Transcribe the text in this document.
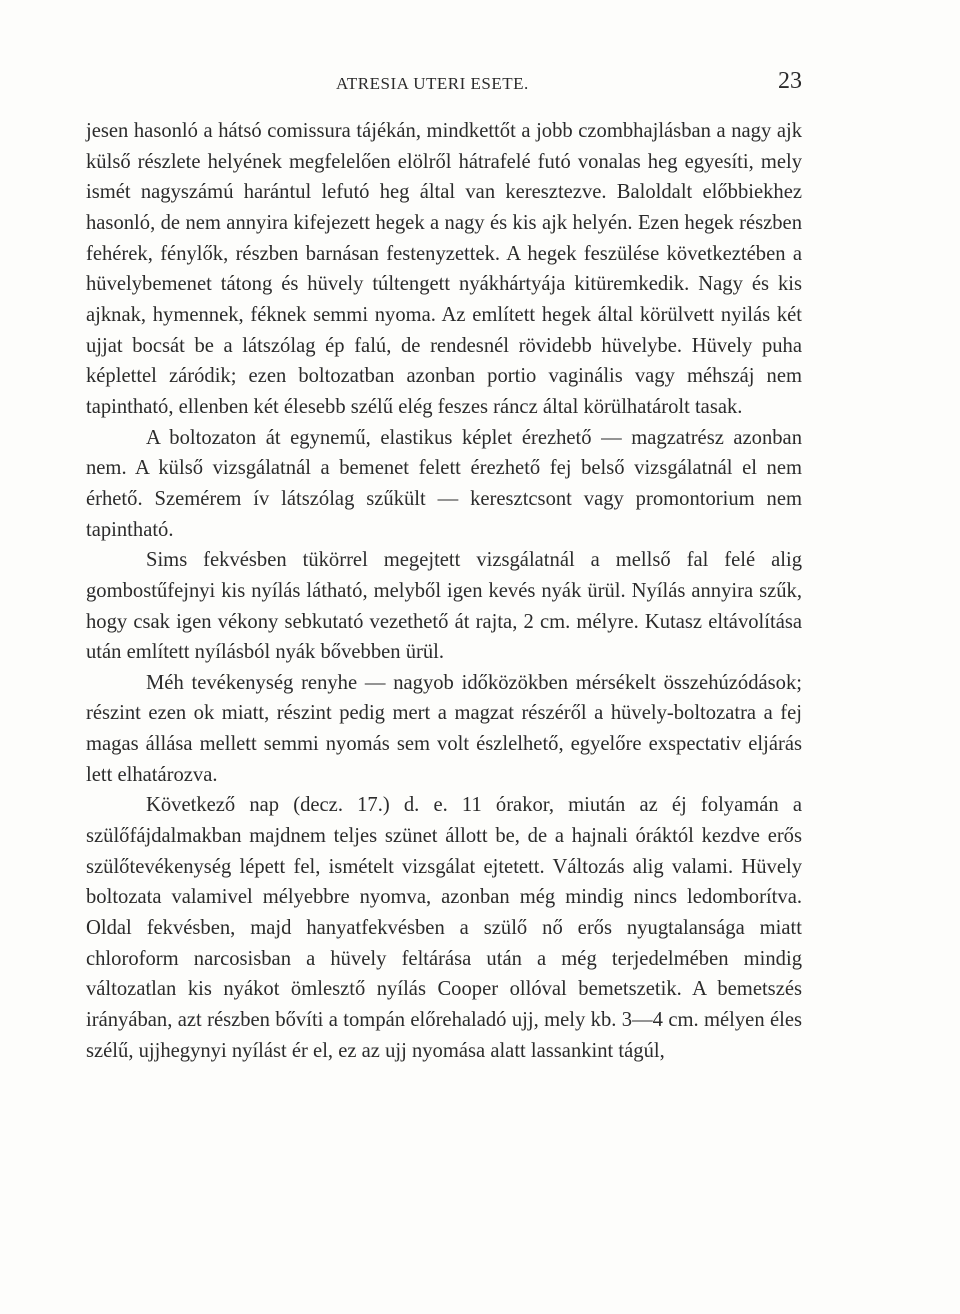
ATRESIA UTERI ESETE.	23

jesen hasonló a hátsó comissura tájékán, mindkettőt a jobb czombhajlásban a nagy ajk külső részlete helyének megfelelően elölről hátrafelé futó vonalas heg egyesíti, mely ismét nagyszámú harántul lefutó heg által van keresztezve. Baloldalt előbbiekhez hasonló, de nem annyira kifejezett hegek a nagy és kis ajk helyén. Ezen hegek részben fehérek, fénylők, részben barnásan festenyzettek. A hegek feszülése következtében a hüvelybemenet tátong és hüvely túltengett nyákhártyája kitüremkedik. Nagy és kis ajknak, hymennek, féknek semmi nyoma. Az említett hegek által körülvett nyilás két ujjat bocsát be a látszólag ép falú, de rendesnél rövidebb hüvelybe. Hüvely puha képlettel záródik; ezen boltozatban azonban portio vaginális vagy méhszáj nem tapintható, ellenben két élesebb szélű elég feszes ráncz által körülhatárolt tasak.

A boltozaton át egynemű, elastikus képlet érezhető — magzatrész azonban nem. A külső vizsgálatnál a bemenet felett érezhető fej belső vizsgálatnál el nem érhető. Szemérem ív látszólag szűkült — keresztcsont vagy promontorium nem tapintható.

Sims fekvésben tükörrel megejtett vizsgálatnál a mellső fal felé alig gombostűfejnyi kis nyílás látható, melyből igen kevés nyák ürül. Nyílás annyira szűk, hogy csak igen vékony sebkutató vezethető át rajta, 2 cm. mélyre. Kutasz eltávolítása után említett nyílásból nyák bővebben ürül.

Méh tevékenység renyhe — nagyob időközökben mérsékelt összehúzódások; részint ezen ok miatt, részint pedig mert a magzat részéről a hüvely-boltozatra a fej magas állása mellett semmi nyomás sem volt észlelhető, egyelőre exspectativ eljárás lett elhatározva.

Következő nap (decz. 17.) d. e. 11 órakor, miután az éj folyamán a szülőfájdalmakban majdnem teljes szünet állott be, de a hajnali óráktól kezdve erős szülőtevékenység lépett fel, ismételt vizsgálat ejtetett. Változás alig valami. Hüvely boltozata valamivel mélyebbre nyomva, azonban még mindig nincs ledomborítva. Oldal fekvésben, majd hanyatfekvésben a szülő nő erős nyugtalansága miatt chloroform narcosisban a hüvely feltárása után a még terjedelmében mindig változatlan kis nyákot ömlesztő nyílás Cooper ollóval bemetszetik. A bemetszés irányában, azt részben bővíti a tompán előrehaladó ujj, mely kb. 3—4 cm. mélyen éles szélű, ujjhegynyi nyílást ér el, ez az ujj nyomása alatt lassankint tágúl,
